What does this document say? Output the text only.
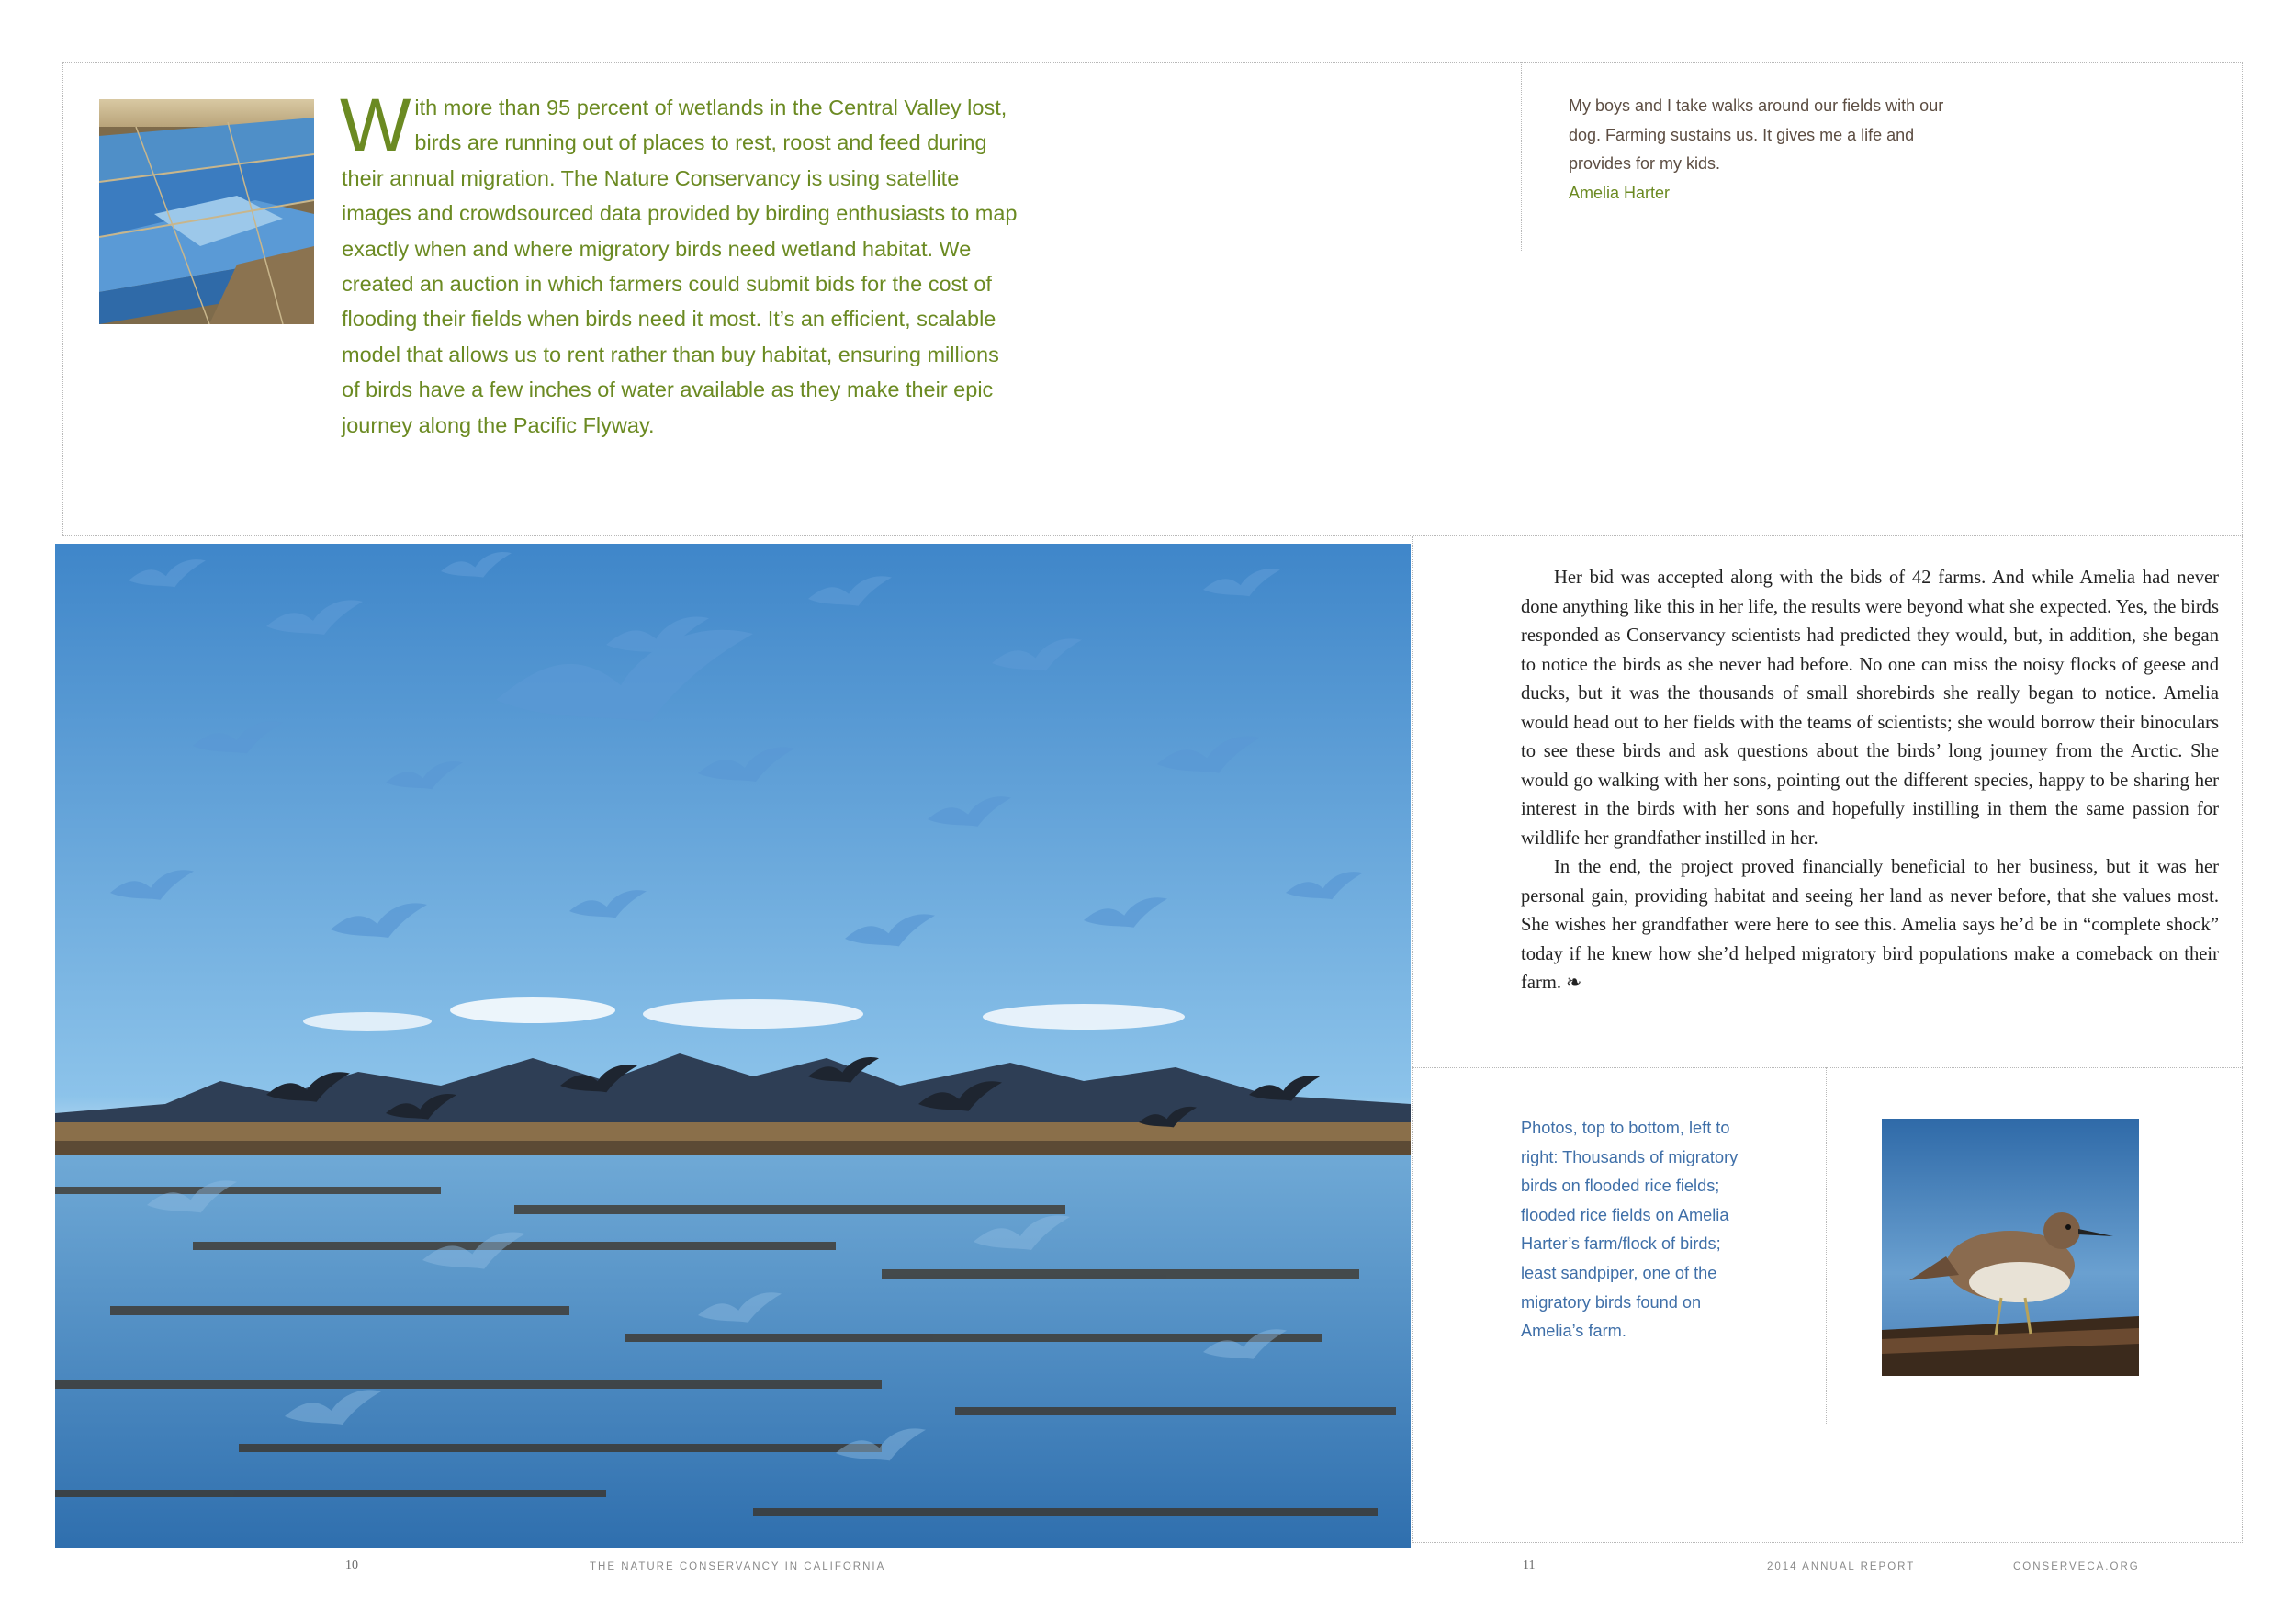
W ith more than 95 percent of wetlands in the Central Valley lost, birds are running out of places to rest, roost and feed during their annual migration. The Nature Conservancy is using satellite images and crowdsourced data provided by birding enthusiasts to map exactly when and where migratory birds need wetland habitat. We created an auction in which farmers could submit bids for the cost of flooding their fields when birds need it most. It’s an efficient, scalable model that allows us to rent rather than buy habitat, ensuring millions of birds have a few inches of water available as they make their epic journey along the Pacific Flyway.
My boys and I take walks around our fields with our dog. Farming sustains us. It gives me a life and provides for my kids.
Amelia Harter

Her bid was accepted along with the bids of 42 farms. And while Amelia had never done anything like this in her life, the results were beyond what she expected. Yes, the birds responded as Conservancy scientists had predicted they would, but, in addition, she began to notice the birds as she never had before. No one can miss the noisy flocks of geese and ducks, but it was the thousands of small shorebirds she really began to notice. Amelia would head out to her fields with the teams of scientists; she would borrow their binoculars to see these birds and ask questions about the birds’ long journey from the Arctic. She would go walking with her sons, pointing out the different species, happy to be sharing her interest in the birds with her sons and hopefully instilling in them the same passion for wildlife her grandfather instilled in her.

In the end, the project proved financially beneficial to her business, but it was her personal gain, providing habitat and seeing her land as never before, that she values most. She wishes her grandfather were here to see this. Amelia says he’d be in “complete shock” today if he knew how she’d helped migratory bird populations make a comeback on their farm. ❧

Photos, top to bottom, left to right: Thousands of migratory birds on flooded rice fields; flooded rice fields on Amelia Harter’s farm/flock of birds; least sandpiper, one of the migratory birds found on Amelia’s farm.
10	THE NATURE CONSERVANCY IN CALIFORNIA	11	2014 ANNUAL REPORT	CONSERVECA.ORG
